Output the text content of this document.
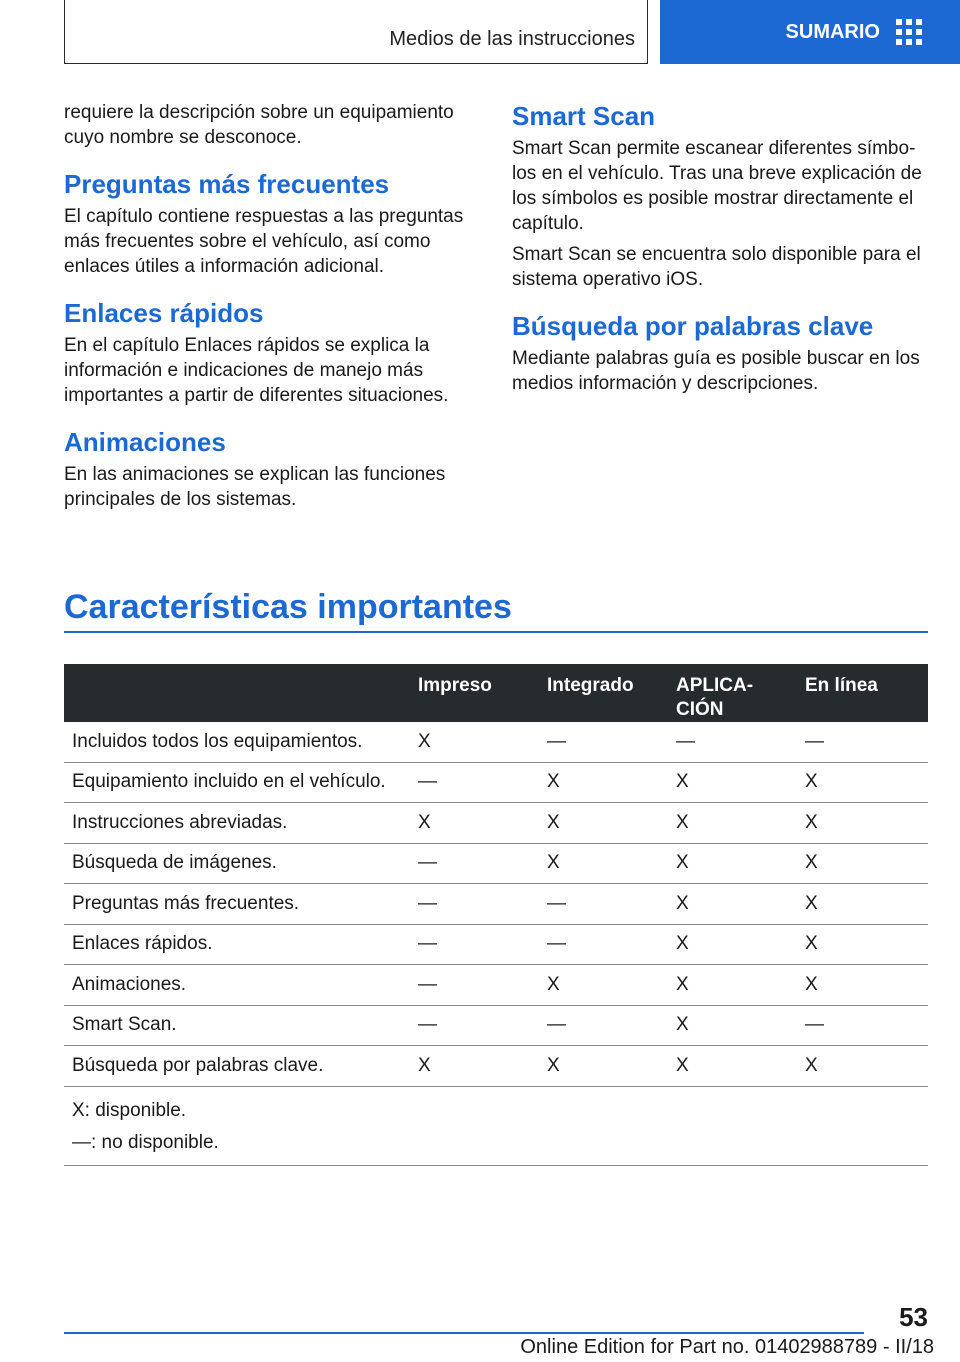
Medios de las instrucciones	SUMARIO

requiere la descripción sobre un equipamiento cuyo nombre se desconoce.

Preguntas más frecuentes

El capítulo contiene respuestas a las preguntas más frecuentes sobre el vehículo, así como enlaces útiles a información adicional.

Enlaces rápidos

En el capítulo Enlaces rápidos se explica la información e indicaciones de manejo más importantes a partir de diferentes situaciones.

Animaciones

En las animaciones se explican las funciones principales de los sistemas.

Smart Scan

Smart Scan permite escanear diferentes símbolos en el vehículo. Tras una breve explicación de los símbolos es posible mostrar directamente el capítulo.

Smart Scan se encuentra solo disponible para el sistema operativo iOS.

Búsqueda por palabras clave

Mediante palabras guía es posible buscar en los medios información y descripciones.

Características importantes
	Impreso	Integrado	APLICACIÓN	En línea
Incluidos todos los equipamientos.	X	—	—	—
Equipamiento incluido en el vehículo.	—	X	X	X
Instrucciones abreviadas.	X	X	X	X
Búsqueda de imágenes.	—	X	X	X
Preguntas más frecuentes.	—	—	X	X
Enlaces rápidos.	—	—	X	X
Animaciones.	—	X	X	X
Smart Scan.	—	—	X	—
Búsqueda por palabras clave.	X	X	X	X

X: disponible.
—: no disponible.				
53
Online Edition for Part no. 01402988789 - II/18
